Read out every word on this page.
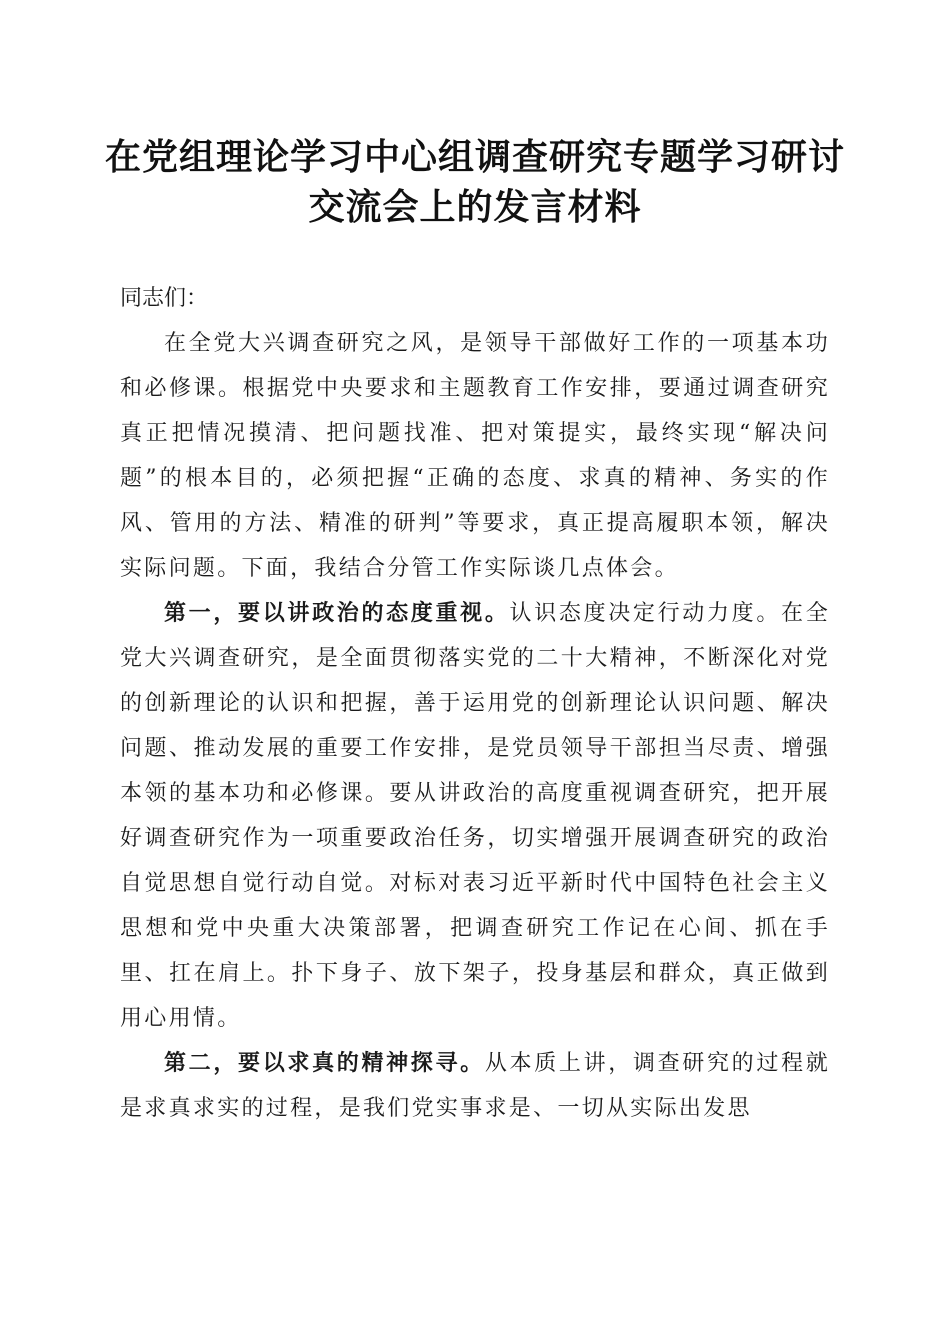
在党组理论学习中心组调查研究专题学习研讨
交流会上的发言材料

同志们：

在全党大兴调查研究之风，是领导干部做好工作的一项基本功和必修课。根据党中央要求和主题教育工作安排，要通过调查研究真正把情况摸清、把问题找准、把对策提实，最终实现“解决问题”的根本目的，必须把握“正确的态度、求真的精神、务实的作风、管用的方法、精准的研判”等要求，真正提高履职本领，解决实际问题。下面，我结合分管工作实际谈几点体会。

第一，要以讲政治的态度重视。认识态度决定行动力度。在全党大兴调查研究，是全面贯彻落实党的二十大精神，不断深化对党的创新理论的认识和把握，善于运用党的创新理论认识问题、解决问题、推动发展的重要工作安排，是党员领导干部担当尽责、增强本领的基本功和必修课。要从讲政治的高度重视调查研究，把开展好调查研究作为一项重要政治任务，切实增强开展调查研究的政治自觉思想自觉行动自觉。对标对表习近平新时代中国特色社会主义思想和党中央重大决策部署，把调查研究工作记在心间、抓在手里、扛在肩上。扑下身子、放下架子，投身基层和群众，真正做到用心用情。

第二，要以求真的精神探寻。从本质上讲，调查研究的过程就是求真求实的过程，是我们党实事求是、一切从实际出发思
